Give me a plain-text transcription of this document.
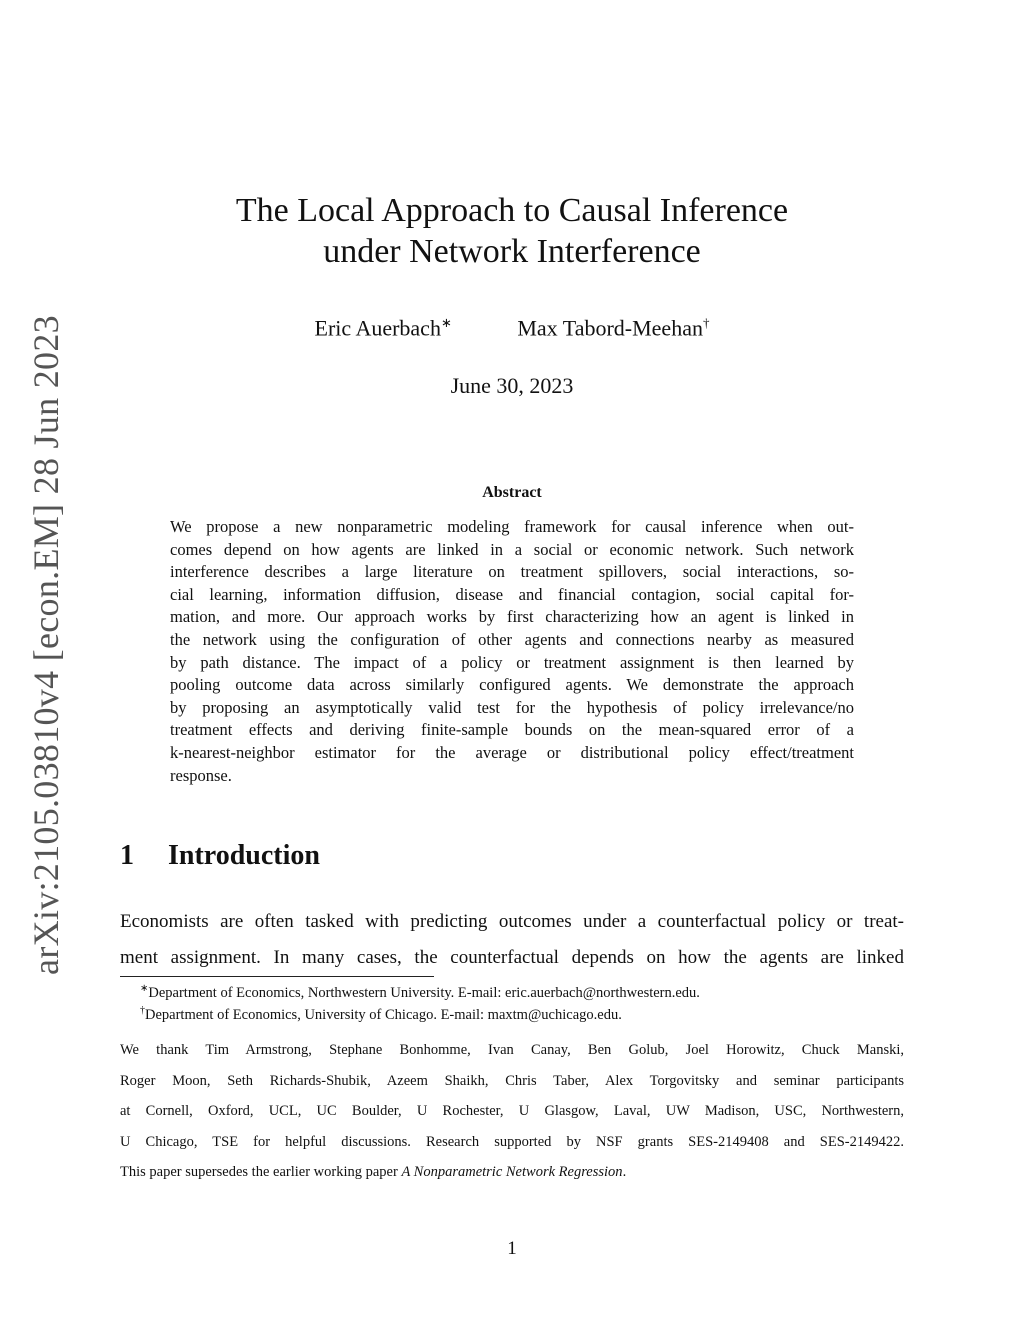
arXiv:2105.03810v4 [econ.EM] 28 Jun 2023
The Local Approach to Causal Inference
under Network Interference
Eric Auerbach∗	Max Tabord-Meehan†
June 30, 2023
Abstract
We propose a new nonparametric modeling framework for causal inference when out-
comes depend on how agents are linked in a social or economic network. Such network
interference describes a large literature on treatment spillovers, social interactions, so-
cial learning, information diffusion, disease and financial contagion, social capital for-
mation, and more. Our approach works by first characterizing how an agent is linked in
the network using the configuration of other agents and connections nearby as measured
by path distance. The impact of a policy or treatment assignment is then learned by
pooling outcome data across similarly configured agents. We demonstrate the approach
by proposing an asymptotically valid test for the hypothesis of policy irrelevance/no
treatment effects and deriving finite-sample bounds on the mean-squared error of a
k-nearest-neighbor estimator for the average or distributional policy effect/treatment
response.
1 Introduction
Economists are often tasked with predicting outcomes under a counterfactual policy or treat-
ment assignment. In many cases, the counterfactual depends on how the agents are linked
∗Department of Economics, Northwestern University. E-mail: eric.auerbach@northwestern.edu.
†Department of Economics, University of Chicago. E-mail: maxtm@uchicago.edu.
We thank Tim Armstrong, Stephane Bonhomme, Ivan Canay, Ben Golub, Joel Horowitz, Chuck Manski,
Roger Moon, Seth Richards-Shubik, Azeem Shaikh, Chris Taber, Alex Torgovitsky and seminar participants
at Cornell, Oxford, UCL, UC Boulder, U Rochester, U Glasgow, Laval, UW Madison, USC, Northwestern,
U Chicago, TSE for helpful discussions. Research supported by NSF grants SES-2149408 and SES-2149422.
This paper supersedes the earlier working paper A Nonparametric Network Regression.
1
